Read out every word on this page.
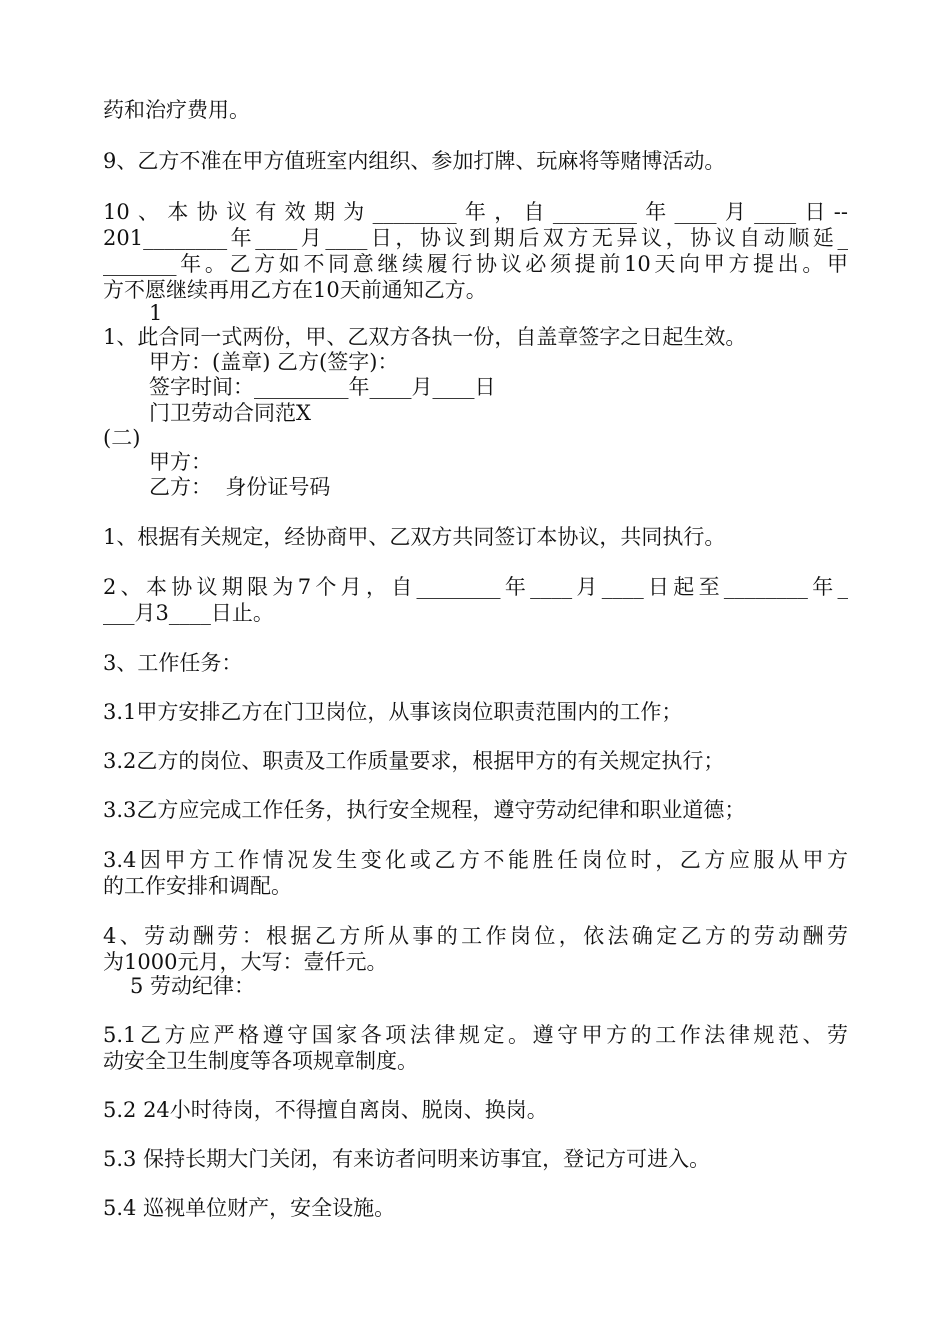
药和治疗费用。
9、乙方不准在甲方值班室内组织、参加打牌、玩麻将等赌博活动。
10、本协议有效期为________年，自________年____月____日--
201________年____月____日，协议到期后双方无异议，协议自动顺延_
_______年。乙方如不同意继续履行协议必须提前10天向甲方提出。甲
方不愿继续再用乙方在10天前通知乙方。
1
1、此合同一式两份，甲、乙双方各执一份，自盖章签字之日起生效。
甲方：(盖章) 乙方(签字)：
签字时间：_________年____月____日
门卫劳动合同范X
(二)
甲方：
乙方：  身份证号码
1、根据有关规定，经协商甲、乙双方共同签订本协议，共同执行。
2、本协议期限为7个月，自________年____月____日起至________年_
___月3____日止。
3、工作任务：
3.1甲方安排乙方在门卫岗位，从事该岗位职责范围内的工作；
3.2乙方的岗位、职责及工作质量要求，根据甲方的有关规定执行；
3.3乙方应完成工作任务，执行安全规程，遵守劳动纪律和职业道德；
3.4因甲方工作情况发生变化或乙方不能胜任岗位时，乙方应服从甲方
的工作安排和调配。
4、劳动酬劳：根据乙方所从事的工作岗位，依法确定乙方的劳动酬劳
为1000元月，大写：壹仟元。
5 劳动纪律：
5.1乙方应严格遵守国家各项法律规定。遵守甲方的工作法律规范、劳
动安全卫生制度等各项规章制度。
5.2 24小时待岗，不得擅自离岗、脱岗、换岗。
5.3 保持长期大门关闭，有来访者问明来访事宜，登记方可进入。
5.4 巡视单位财产，安全设施。
